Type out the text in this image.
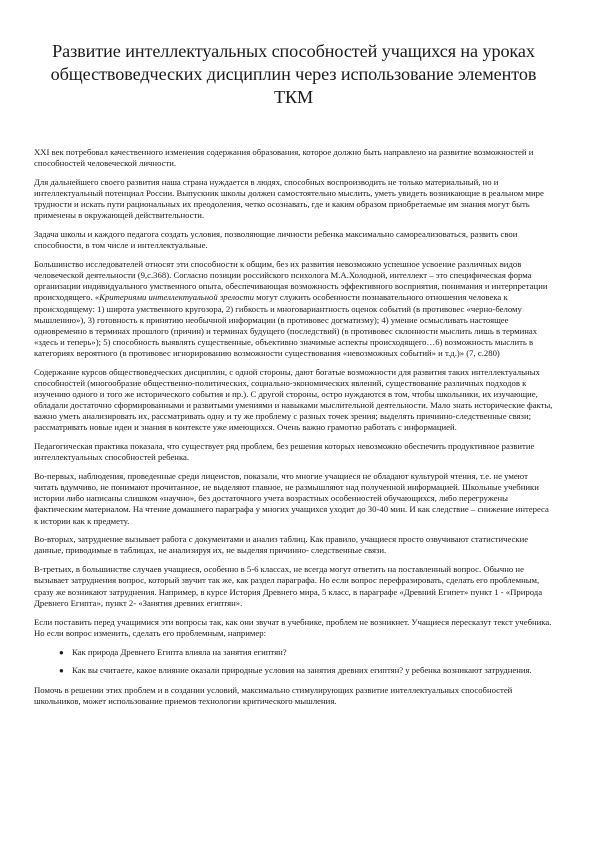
Развитие интеллектуальных способностей учащихся на уроках обществоведческих дисциплин через использование элементов ТКМ

XXI век потребовал качественного изменения содержания образования, которое должно быть направлено на развитие возможностей и способностей человеческой личности.

Для дальнейшего своего развития наша страна нуждается в людях, способных воспроизводить не только материальный, но и интеллектуальный потенциал России. Выпускник школы должен самостоятельно мыслить, уметь увидеть возникающие в реальном мире трудности и искать пути рациональных их преодоления, четко осознавать, где и каким образом приобретаемые им знания могут быть применены в окружающей действительности.

Задача школы и каждого педагога создать условия, позволяющие личности ребенка максимально самореализоваться, развить свои способности, в том числе и интеллектуальные.

Большинство исследователей относят эти способности к общим, без их развития невозможно успешное усвоение различных видов человеческой деятельности (9,с.368). Согласно позиции российского психолога М.А.Холодной, интеллект – это специфическая форма организации индивидуального умственного опыта, обеспечивающая возможность эффективного восприятия, понимания и интерпретации происходящего. «Критериями интеллектуальной зрелости могут служить особенности познавательного отношения человека к происходящему: 1) широта умственного кругозора, 2) гибкость и многовариантность оценок событий (в противовес «черно-белому мышлению»), 3) готовность к принятию необычной информации (в противовес догматизму); 4) умение осмысливать настоящее одновременно в терминах прошлого (причин) и терминах будущего (последствий) (в противовес склонности мыслить лишь в терминах «здесь и теперь»); 5) способность выявлять существенные, объективно значимые аспекты происходящего…6) возможность мыслить в категориях вероятного (в противовес игнорированию возможности существования «невозможных событий» и т.д.)» (7, с.280)

Содержание курсов обществоведческих дисциплин, с одной стороны, дают богатые возможности для развития таких интеллектуальных способностей (многообразие общественно-политических, социально-экономических явлений, существование различных подходов к изучению одного и того же исторического события и пр.). С другой стороны, остро нуждаются в том, чтобы школьники, их изучающие, обладали достаточно сформированными и развитыми умениями и навыками мыслительной деятельности. Мало знать исторические факты, важно уметь анализировать их, рассматривать одну и ту же проблему с разных точек зрения; выделять причинно-следственные связи; рассматривать новые идеи и знания в контексте уже имеющихся. Очень важно грамотно работать с информацией.

Педагогическая практика показала, что существует ряд проблем, без решения которых невозможно обеспечить продуктивное развитие интеллектуальных способностей ребенка.

Во-первых, наблюдения, проведенные среди лицеистов, показали, что многие учащиеся не обладают культурой чтения, т.е. не умеют читать вдумчиво, не понимают прочитанное, не выделяют главное, не размышляют над полученной информацией. Школьные учебники истории либо написаны слишком «научно», без достаточного учета возрастных особенностей обучающихся, либо перегружены фактическим материалом. На чтение домашнего параграфа у многих учащихся уходит до 30-40 мин. И как следствие – снижение интереса к истории как к предмету.

Во-вторых, затруднение вызывает работа с документами и анализ таблиц. Как правило, учащиеся просто озвучивают статистические данные, приводимые в таблицах, не анализируя их, не выделяя причинно- следственные связи.

В-третьих, в большинстве случаев учащиеся, особенно в 5-6 классах, не всегда могут ответить на поставленный вопрос. Обычно не вызывает затруднения вопрос, который звучит так же, как раздел параграфа. Но если вопрос перефразировать, сделать его проблемным, сразу же возникают затруднения. Например, в курсе История Древнего мира, 5 класс, в параграфе «Древний Египет» пункт 1 - «Природа Древнего Египта», пункт 2- «Занятия древних египтян».

Если поставить перед учащимися эти вопросы так, как они звучат в учебнике, проблем не возникнет. Учащиеся пересказут текст учебника. Но если вопрос изменить, сделать его проблемным, например:

● Как природа Древнего Египта влияла на занятия египтян?
● Как вы считаете, какое влияние оказали природные условия на занятия древних египтян? у ребенка возникают затруднения.

Помочь в решении этих проблем и в создании условий, максимально стимулирующих развитие интеллектуальных способностей школьников, может использование приемов технологии критического мышления.
